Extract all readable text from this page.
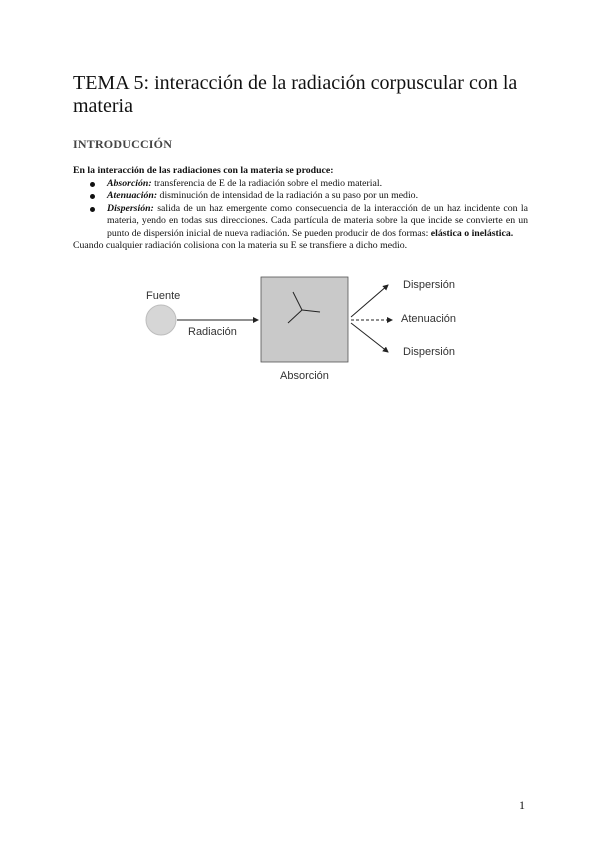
TEMA 5: interacción de la radiación corpuscular con la materia
INTRODUCCIÓN

En la interacción de las radiaciones con la materia se produce:

Absorción: transferencia de E de la radiación sobre el medio material.
Atenuación: disminución de intensidad de la radiación a su paso por un medio.
Dispersión: salida de un haz emergente como consecuencia de la interacción de un haz incidente con la materia, yendo en todas sus direcciones. Cada partícula de materia sobre la que incide se convierte en un punto de dispersión inicial de nueva radiación. Se pueden producir de dos formas: elástica o inelástica.

Cuando cualquier radiación colisiona con la materia su E se transfiere a dicho medio.

Fuente
Radiación
Dispersión
Atenuación
Dispersión
Absorción
1
